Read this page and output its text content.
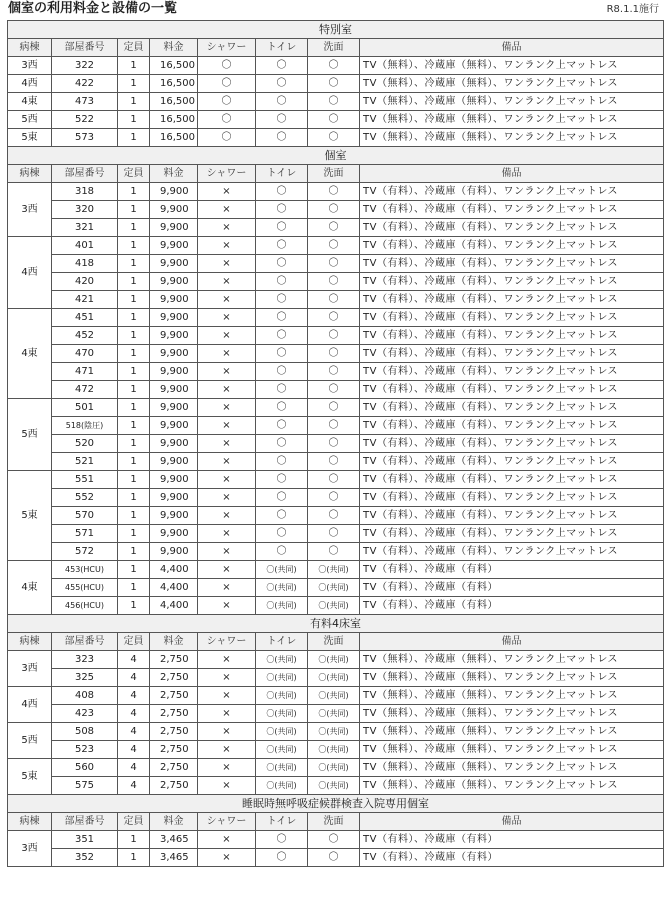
個室の利用料金と設備の一覧	R8.1.1施行
特別室							
病棟	部屋番号	定員	料金	シャワー	トイレ	洗面	備品
3西	322	1	16,500	〇	〇	〇	TV（無料）、冷蔵庫（無料）、ワンランク上マットレス
4西	422	1	16,500	〇	〇	〇	TV（無料）、冷蔵庫（無料）、ワンランク上マットレス
4東	473	1	16,500	〇	〇	〇	TV（無料）、冷蔵庫（無料）、ワンランク上マットレス
5西	522	1	16,500	〇	〇	〇	TV（無料）、冷蔵庫（無料）、ワンランク上マットレス
5東	573	1	16,500	〇	〇	〇	TV（無料）、冷蔵庫（無料）、ワンランク上マットレス
個室							
病棟	部屋番号	定員	料金	シャワー	トイレ	洗面	備品
3西	318	1	9,900	×	〇	〇	TV（有料）、冷蔵庫（有料）、ワンランク上マットレス
	320	1	9,900	×	〇	〇	TV（有料）、冷蔵庫（有料）、ワンランク上マットレス
	321	1	9,900	×	〇	〇	TV（有料）、冷蔵庫（有料）、ワンランク上マットレス
4西	401	1	9,900	×	〇	〇	TV（有料）、冷蔵庫（有料）、ワンランク上マットレス
	418	1	9,900	×	〇	〇	TV（有料）、冷蔵庫（有料）、ワンランク上マットレス
	420	1	9,900	×	〇	〇	TV（有料）、冷蔵庫（有料）、ワンランク上マットレス
	421	1	9,900	×	〇	〇	TV（有料）、冷蔵庫（有料）、ワンランク上マットレス
4東	451	1	9,900	×	〇	〇	TV（有料）、冷蔵庫（有料）、ワンランク上マットレス
	452	1	9,900	×	〇	〇	TV（有料）、冷蔵庫（有料）、ワンランク上マットレス
	470	1	9,900	×	〇	〇	TV（有料）、冷蔵庫（有料）、ワンランク上マットレス
	471	1	9,900	×	〇	〇	TV（有料）、冷蔵庫（有料）、ワンランク上マットレス
	472	1	9,900	×	〇	〇	TV（有料）、冷蔵庫（有料）、ワンランク上マットレス
5西	501	1	9,900	×	〇	〇	TV（有料）、冷蔵庫（有料）、ワンランク上マットレス
	518(陰圧)	1	9,900	×	〇	〇	TV（有料）、冷蔵庫（有料）、ワンランク上マットレス
	520	1	9,900	×	〇	〇	TV（有料）、冷蔵庫（有料）、ワンランク上マットレス
	521	1	9,900	×	〇	〇	TV（有料）、冷蔵庫（有料）、ワンランク上マットレス
5東	551	1	9,900	×	〇	〇	TV（有料）、冷蔵庫（有料）、ワンランク上マットレス
	552	1	9,900	×	〇	〇	TV（有料）、冷蔵庫（有料）、ワンランク上マットレス
	570	1	9,900	×	〇	〇	TV（有料）、冷蔵庫（有料）、ワンランク上マットレス
	571	1	9,900	×	〇	〇	TV（有料）、冷蔵庫（有料）、ワンランク上マットレス
	572	1	9,900	×	〇	〇	TV（有料）、冷蔵庫（有料）、ワンランク上マットレス
4東	453(HCU)	1	4,400	×	〇(共同)	〇(共同)	TV（有料）、冷蔵庫（有料）
	455(HCU)	1	4,400	×	〇(共同)	〇(共同)	TV（有料）、冷蔵庫（有料）
	456(HCU)	1	4,400	×	〇(共同)	〇(共同)	TV（有料）、冷蔵庫（有料）
有料4床室							
病棟	部屋番号	定員	料金	シャワー	トイレ	洗面	備品
3西	323	4	2,750	×	〇(共同)	〇(共同)	TV（無料）、冷蔵庫（無料）、ワンランク上マットレス
	325	4	2,750	×	〇(共同)	〇(共同)	TV（無料）、冷蔵庫（無料）、ワンランク上マットレス
4西	408	4	2,750	×	〇(共同)	〇(共同)	TV（無料）、冷蔵庫（無料）、ワンランク上マットレス
	423	4	2,750	×	〇(共同)	〇(共同)	TV（無料）、冷蔵庫（無料）、ワンランク上マットレス
5西	508	4	2,750	×	〇(共同)	〇(共同)	TV（無料）、冷蔵庫（無料）、ワンランク上マットレス
	523	4	2,750	×	〇(共同)	〇(共同)	TV（無料）、冷蔵庫（無料）、ワンランク上マットレス
5東	560	4	2,750	×	〇(共同)	〇(共同)	TV（無料）、冷蔵庫（無料）、ワンランク上マットレス
	575	4	2,750	×	〇(共同)	〇(共同)	TV（無料）、冷蔵庫（無料）、ワンランク上マットレス
睡眠時無呼吸症候群検査入院専用個室							
病棟	部屋番号	定員	料金	シャワー	トイレ	洗面	備品
3西	351	1	3,465	×	〇	〇	TV（有料）、冷蔵庫（有料）
	352	1	3,465	×	〇	〇	TV（有料）、冷蔵庫（有料）
